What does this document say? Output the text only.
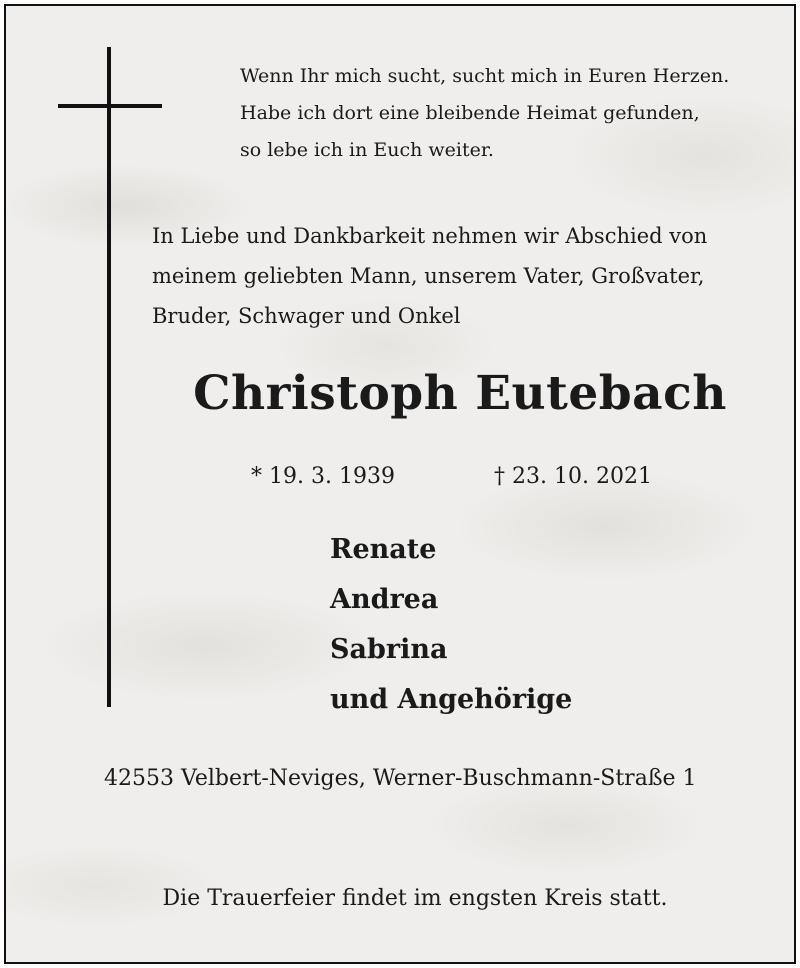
Wenn Ihr mich sucht, sucht mich in Euren Herzen.
Habe ich dort eine bleibende Heimat gefunden,
so lebe ich in Euch weiter.
In Liebe und Dankbarkeit nehmen wir Abschied von
meinem geliebten Mann, unserem Vater, Großvater,
Bruder, Schwager und Onkel
Christoph Eutebach
* 19. 3. 1939	† 23. 10. 2021
Renate
Andrea
Sabrina
und Angehörige
42553 Velbert-Neviges, Werner-Buschmann-Straße 1
Die Trauerfeier findet im engsten Kreis statt.
